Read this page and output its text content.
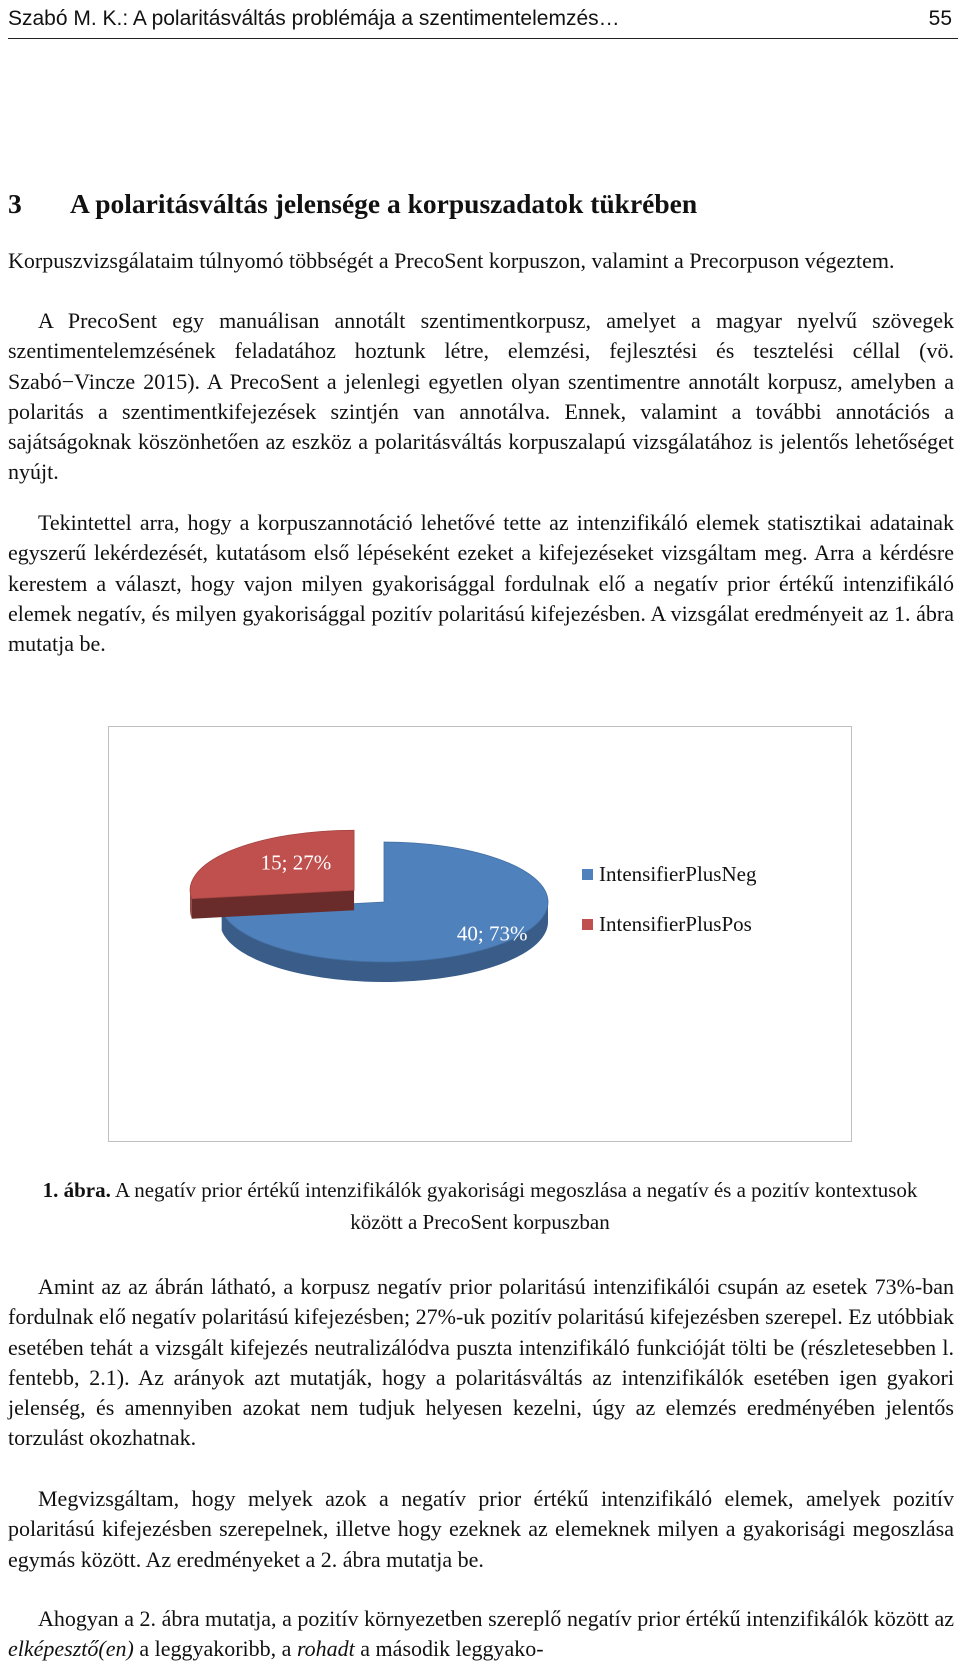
Szabó M. K.: A polaritásváltás problémája a szentimentelemzés…	55
3 A polaritásváltás jelensége a korpuszadatok tükrében

Korpuszvizsgálataim túlnyomó többségét a PrecoSent korpuszon, valamint a Precorpuson végeztem.

A PrecoSent egy manuálisan annotált szentimentkorpusz, amelyet a magyar nyelvű szövegek szentimentelemzésének feladatához hoztunk létre, elemzési, fejlesztési és tesztelési céllal (vö. Szabó−Vincze 2015). A PrecoSent a jelenlegi egyetlen olyan szentimentre annotált korpusz, amelyben a polaritás a szentimentkifejezések szintjén van annotálva. Ennek, valamint a további annotációs a sajátságoknak köszönhetően az eszköz a polaritásváltás korpuszalapú vizsgálatához is jelentős lehetőséget nyújt.

Tekintettel arra, hogy a korpuszannotáció lehetővé tette az intenzifikáló elemek statisztikai adatainak egyszerű lekérdezését, kutatásom első lépéseként ezeket a kifejezéseket vizsgáltam meg. Arra a kérdésre kerestem a választ, hogy vajon milyen gyakorisággal fordulnak elő a negatív prior értékű intenzifikáló elemek negatív, és milyen gyakorisággal pozitív polaritású kifejezésben. A vizsgálat eredményeit az 1. ábra mutatja be.

40; 73%
15; 27%	IntensifierPlusNeg
IntensifierPlusPos

1. ábra. A negatív prior értékű intenzifikálók gyakorisági megoszlása a negatív és a pozitív kontextusok között a PrecoSent korpuszban

Amint az az ábrán látható, a korpusz negatív prior polaritású intenzifikálói csupán az esetek 73%-ban fordulnak elő negatív polaritású kifejezésben; 27%-uk pozitív polaritású kifejezésben szerepel. Ez utóbbiak esetében tehát a vizsgált kifejezés neutralizálódva puszta intenzifikáló funkcióját tölti be (részletesebben l. fentebb, 2.1). Az arányok azt mutatják, hogy a polaritásváltás az intenzifikálók esetében igen gyakori jelenség, és amennyiben azokat nem tudjuk helyesen kezelni, úgy az elemzés eredményében jelentős torzulást okozhatnak.

Megvizsgáltam, hogy melyek azok a negatív prior értékű intenzifikáló elemek, amelyek pozitív polaritású kifejezésben szerepelnek, illetve hogy ezeknek az elemeknek milyen a gyakorisági megoszlása egymás között. Az eredményeket a 2. ábra mutatja be.

Ahogyan a 2. ábra mutatja, a pozitív környezetben szereplő negatív prior értékű intenzifikálók között az elképesztő(en) a leggyakoribb, a rohadt a második leggyako-
